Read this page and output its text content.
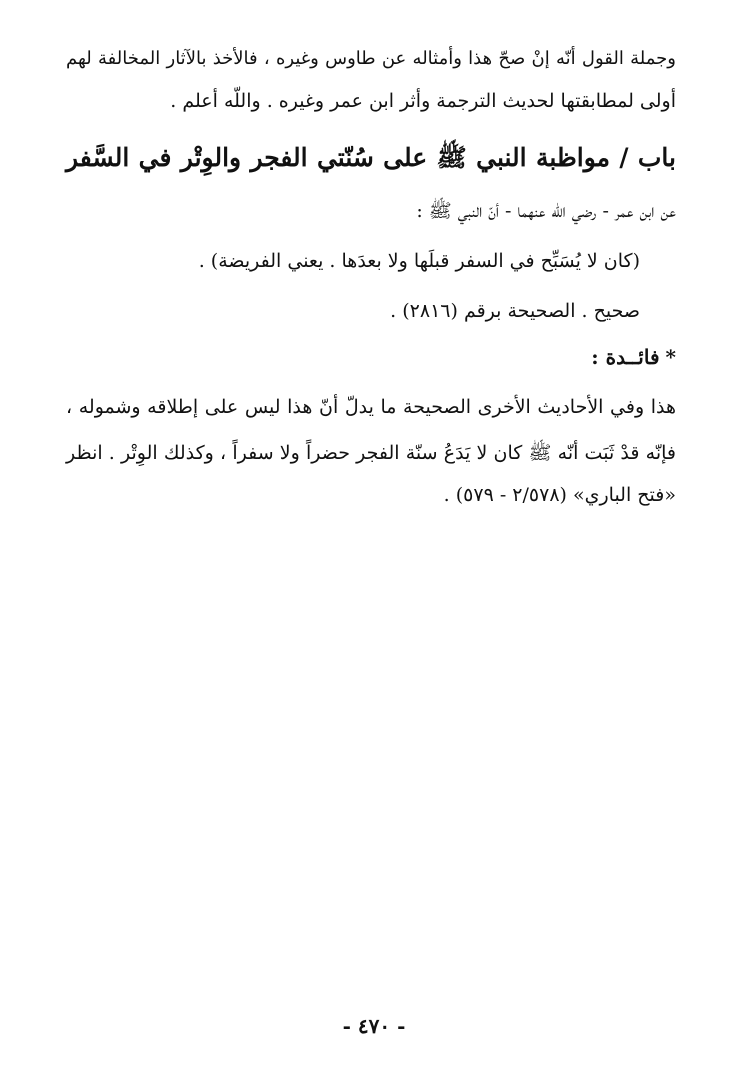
وجملة القول أنّه إنْ صحّ هذا وأمثاله عن طاوس وغيره ، فالأخذ بالآثار المخالفة لهم
أولى لمطابقتها لحديث الترجمة وأثر ابن عمر وغيره . واللّه أعلم .
باب / مواظبة النبي ﷺ على سُنّتي الفجر والوِتْر في السَّفر
عن ابن عمر - رضي الله عنهما - أنّ النبي ﷺ :
(كان لا يُسَبِّح في السفر قبلَها ولا بعدَها . يعني الفريضة) .
صحيح . الصحيحة برقم (٢٨١٦) .
*فائــدة :
هذا وفي الأحاديث الأخرى الصحيحة ما يدلّ أنّ هذا ليس على إطلاقه وشموله ،
فإنّه قدْ ثَبَت أنّه ﷺ كان لا يَدَعُ سنّة الفجر حضراً ولا سفراً ، وكذلك الوِتْر . انظر
«فتح الباري» (٢/٥٧٨ - ٥٧٩) .
- ٤٧٠ -
